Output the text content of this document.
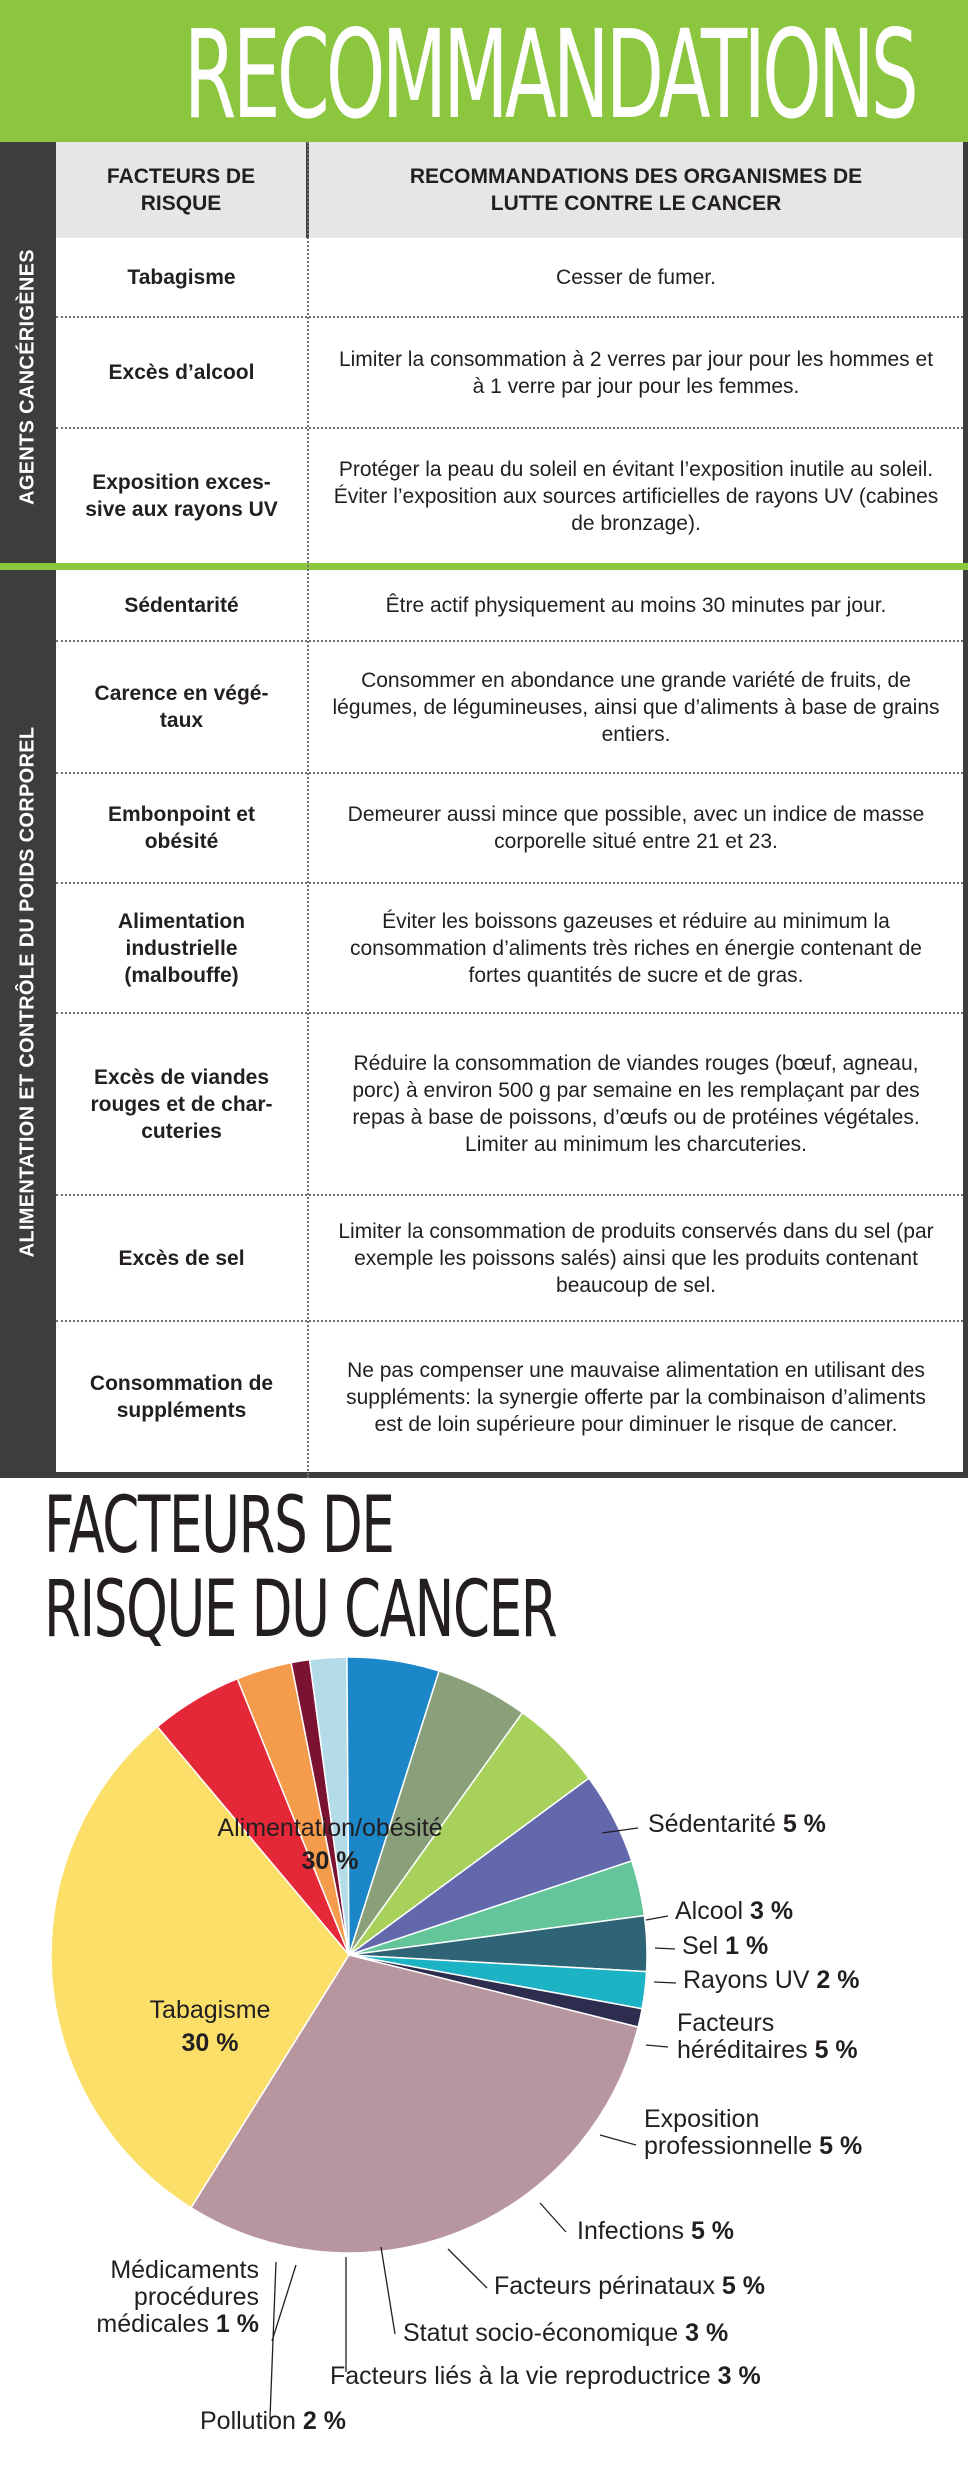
RECOMMANDATIONS
AGENTS CANCÉRIGÈNES
ALIMENTATION ET CONTRÔLE DU POIDS CORPOREL
FACTEURS DE RISQUE
RECOMMANDATIONS DES ORGANISMES DE LUTTE CONTRE LE CANCER
Tabagisme	Cesser de fumer.
Excès d’alcool
Limiter la consommation à 2 verres par jour pour les hommes et à 1 verre par jour pour les femmes.
Exposition excessive aux rayons UV
Protéger la peau du soleil en évitant l’exposition inutile au soleil. Éviter l’exposition aux sources artificielles de rayons UV (cabines de bronzage).
Sédentarité	Être actif physiquement au moins 30 minutes par jour.
Carence en végétaux
Consommer en abondance une grande variété de fruits, de légumes, de légumineuses, ainsi que d’aliments à base de grains entiers.
Embonpoint et obésité
Demeurer aussi mince que possible, avec un indice de masse corporelle situé entre 21 et 23.
Alimentation industrielle (malbouffe)
Éviter les boissons gazeuses et réduire au minimum la consommation d’aliments très riches en énergie contenant de fortes quantités de sucre et de gras.
Excès de viandes rouges et de charcuteries
Réduire la consommation de viandes rouges (bœuf, agneau, porc) à environ 500 g par semaine en les remplaçant par des repas à base de poissons, d’œufs ou de protéines végétales. Limiter au minimum les charcuteries.
Excès de sel
Limiter la consommation de produits conservés dans du sel (par exemple les poissons salés) ainsi que les produits contenant beaucoup de sel.
Consommation de suppléments
Ne pas compenser une mauvaise alimentation en utilisant des suppléments: la synergie offerte par la combinaison d’aliments est de loin supérieure pour diminuer le risque de cancer.
FACTEURS DE
RISQUE DU CANCER
Alimentation/obésité
30 %
Sédentarité 5 %
Alcool 3 %
Sel 1 %
Rayons UV 2 %
Facteurs
héréditaires 5 %
Exposition
professionnelle 5 %
Infections 5 %
Facteurs périnataux 5 %
Statut socio-économique 3 %
Facteurs liés à la vie reproductrice 3 %
Pollution 2 %
Médicaments
procédures
médicales 1 %
Tabagisme
30 %
